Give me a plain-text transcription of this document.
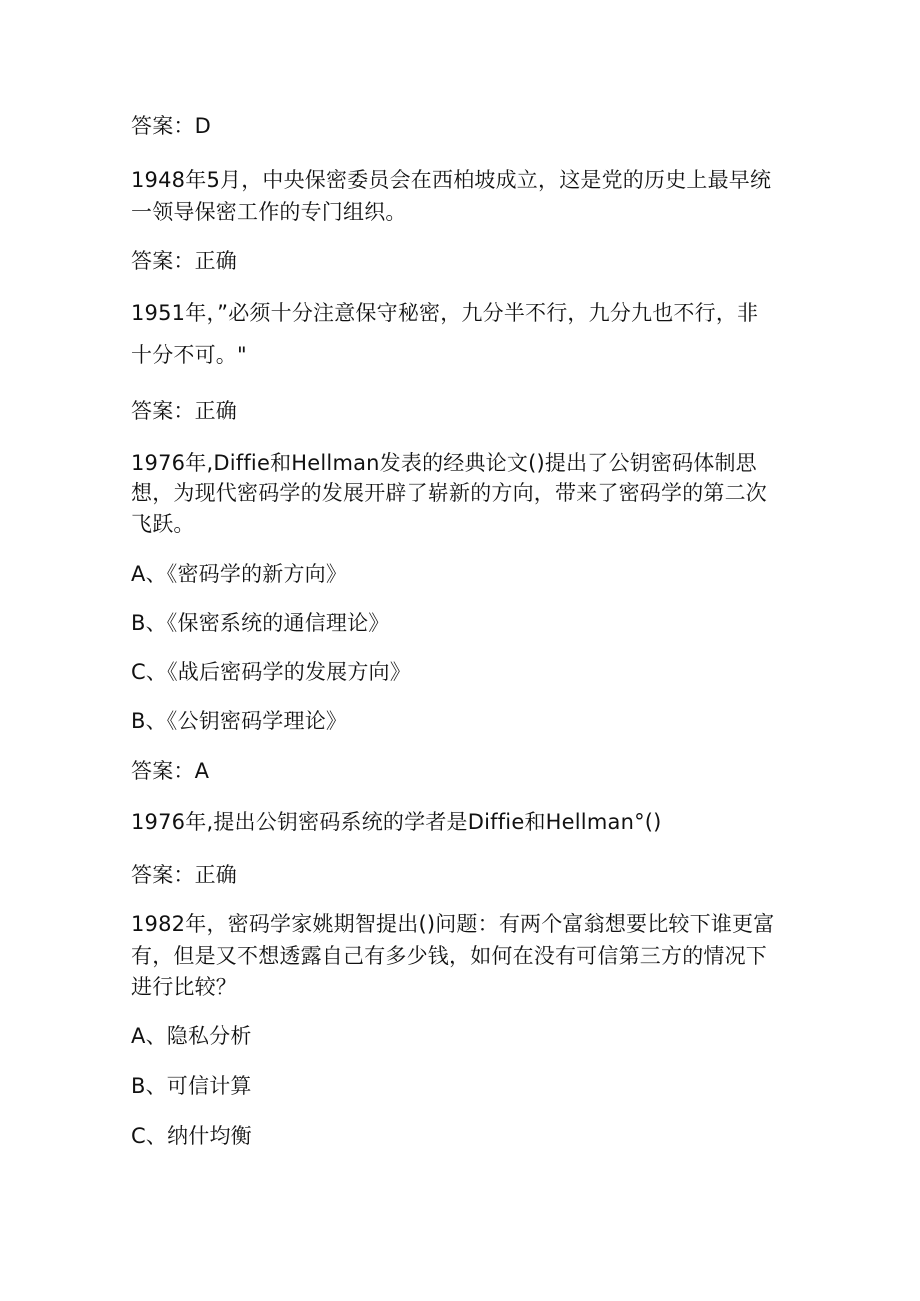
答案：D
1948年5月，中央保密委员会在西柏坡成立，这是党的历史上最早统
一领导保密工作的专门组织。
答案：正确
1951年，”必须十分注意保守秘密，九分半不行，九分九也不行，非
十分不可。"
答案：正确
1976年,Diffie和Hellman发表的经典论文()提出了公钥密码体制思
想，为现代密码学的发展开辟了崭新的方向，带来了密码学的第二次
飞跃。
A、《密码学的新方向》
B、《保密系统的通信理论》
C、《战后密码学的发展方向》
B、《公钥密码学理论》
答案：A
1976年,提出公钥密码系统的学者是Diffie和Hellman°()
答案：正确
1982年，密码学家姚期智提出()问题：有两个富翁想要比较下谁更富
有，但是又不想透露自己有多少钱，如何在没有可信第三方的情况下
进行比较？
A、隐私分析
B、可信计算
C、纳什均衡
